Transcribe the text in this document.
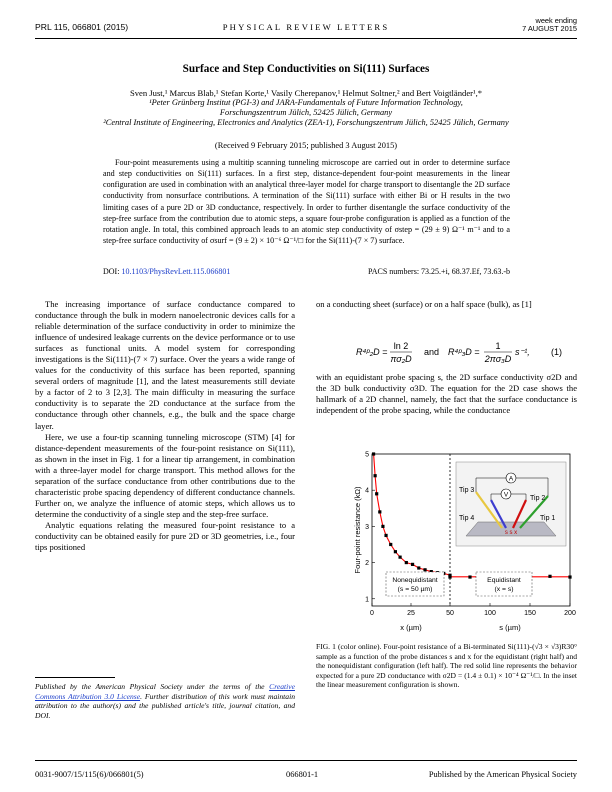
PRL 115, 066801 (2015)	PHYSICAL REVIEW LETTERS
week ending
7 AUGUST 2015
Surface and Step Conductivities on Si(111) Surfaces
Sven Just,¹ Marcus Blab,¹ Stefan Korte,¹ Vasily Cherepanov,¹ Helmut Soltner,² and Bert Voigtländer¹,*
¹Peter Grünberg Institut (PGI-3) and JARA-Fundamentals of Future Information Technology,
Forschungszentrum Jülich, 52425 Jülich, Germany
²Central Institute of Engineering, Electronics and Analytics (ZEA-1), Forschungszentrum Jülich, 52425 Jülich, Germany
(Received 9 February 2015; published 3 August 2015)

Four-point measurements using a multitip scanning tunneling microscope are carried out in order to determine surface and step conductivities on Si(111) surfaces. In a first step, distance-dependent four-point measurements in the linear configuration are used in combination with an analytical three-layer model for charge transport to disentangle the 2D surface conductivity from nonsurface contributions. A termination of the Si(111) surface with either Bi or H results in the two limiting cases of a pure 2D or 3D conductance, respectively. In order to further disentangle the surface conductivity of the step-free surface from the contribution due to atomic steps, a square four-probe configuration is applied as a function of the rotation angle. In total, this combined approach leads to an atomic step conductivity of σstep = (29 ± 9) Ω⁻¹ m⁻¹ and to a step-free surface conductivity of σsurf = (9 ± 2) × 10⁻⁶ Ω⁻¹/□ for the Si(111)-(7 × 7) surface.

DOI: 10.1103/PhysRevLett.115.066801	PACS numbers: 73.25.+i, 68.37.Ef, 73.63.-b

The increasing importance of surface conductance compared to conductance through the bulk in modern nanoelectronic devices calls for a reliable determination of the surface conductivity in order to minimize the influence of undesired leakage currents on the device performance or to use surfaces as functional units. A model system for corresponding investigations is the Si(111)-(7 × 7) surface. Over the years a wide range of values for the conductivity of this surface has been reported, spanning several orders of magnitude [1], and the latest measurements still deviate by a factor of 2 to 3 [2,3]. The main difficulty in measuring the surface conductivity is to separate the 2D conductance at the surface from the conductance through other channels, e.g., the bulk and the space charge layer.

Here, we use a four-tip scanning tunneling microscope (STM) [4] for distance-dependent measurements of the four-point resistance on Si(111), as shown in the inset in Fig. 1 for a linear tip arrangement, in combination with a three-layer model for charge transport. This method allows for the separation of the surface conductance from other contributions due to the characteristic probe spacing dependency of different conductance channels. Further on, we analyze the influence of atomic steps, which allows us to determine the conductivity of a single step and the step-free surface.

Analytic equations relating the measured four-point resistance to a conductivity can be obtained easily for pure 2D or 3D geometries, i.e., four tips positioned

on a conducting sheet (surface) or on a half space (bulk), as [1]

R⁴ᵖ₂D =
ln 2
πσ₂D
and R⁴ᵖ₃D =
1
2πσ₃D
s⁻¹, (1)

with an equidistant probe spacing s, the 2D surface conductivity σ2D and the 3D bulk conductivity σ3D. The equation for the 2D case shows the hallmark of a 2D channel, namely, the fact that the surface conductance is independent of the probe spacing, while the conductance

1
2
3
4
5
0	25	50	100	150	200
Nonequidistant
(s = 50 µm)
Equidistant
(x = s)
A
V
Tip 3
Tip 2
Tip 4	Tip 1
s s x
Four-point resistance (kΩ)
x (µm)	s (µm)
FIG. 1 (color online). Four-point resistance of a Bi-terminated Si(111)-(√3 × √3)R30° sample as a function of the probe distances s and x for the equidistant (right half) and the nonequidistant configuration (left half). The red solid line represents the behavior expected for a pure 2D conductance with σ2D = (1.4 ± 0.1) × 10⁻⁴ Ω⁻¹/□. In the inset the linear measurement configuration is shown.
Published by the American Physical Society under the terms of the Creative Commons Attribution 3.0 License. Further distribution of this work must maintain attribution to the author(s) and the published article's title, journal citation, and DOI.
0031-9007/15/115(6)/066801(5)	066801-1	Published by the American Physical Society
